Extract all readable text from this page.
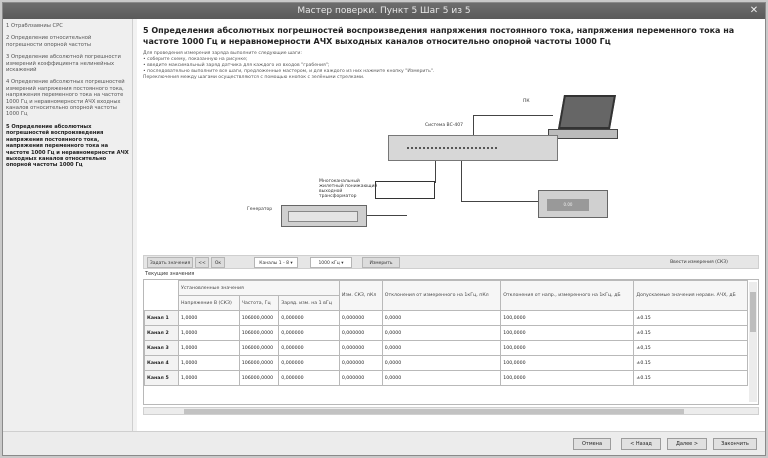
Мастер поверки. Пункт 5 Шаг 5 из 5	✕
1 Отраблзавниы СРС
2 Определение относительной погрешности опорной частоты
3 Определение абсолютной погрешности измерений коэффициента нелинейных искажений
4 Определение абсолютных погрешностей измерений напряжения постоянного тока, напряжения переменного тока на частоте 1000 Гц и неравномерности АЧХ входных каналов относительно опорной частоты 1000 Гц
5 Определение абсолютных погрешностей воспроизведения напряжения постоянного тока, напряжения переменного тока на частоте 1000 Гц и неравномерности АЧХ выходных каналов относительно опорной частоты 1000 Гц
5 Определения абсолютных погрешностей воспроизведения напряжения постоянного тока, напряжения переменного тока на частоте 1000 Гц и неравномерности АЧХ выходных каналов относительно опорной частоты 1000 Гц
Для проведения измерения заряда выполните следующие шаги:
• соберите схему, показанную на рисунке;
• введите максимальный заряд датчика для каждого из входов "грабения";
• последовательно выполните все шаги, предложенные мастером, и для каждого из них нажмите кнопку "Измерить".
Переключения между шагами осуществляются с помощью кнопок с зелёными стрелками.
ПК
Система ВС-407
Многоканальный жилетный понижающий выходной трансформатор
Генератор
0.00
Задать значения	<<	Ок	Каналы 1 - 8 ▾	1000 кГц ▾	Измерить	Ввести измерения (СКЗ)
Текущие значения
	Установленные значения			Изм. СКЗ, пКл	Отклонения от измеренного на 1кГц, пКл	Отклонения от напр., измеренного на 1кГц, дБ	Допускаемые значения неравн. АЧХ, дБ
	Напряжение В (СКЗ)	Частота, Гц	Заряд. изм. на 1 вГц				
Канал 1	1,0000	106000,0000	0,000000	0,000000	0,0000	100,0000	±0.15
Канал 2	1,0000	106000,0000	0,000000	0,000000	0,0000	100,0000	±0.15
Канал 3	1,0000	106000,0000	0,000000	0,000000	0,0000	100,0000	±0,15
Канал 4	1,0000	106000,0000	0,000000	0,000000	0,0000	100,0000	±0.15
Канал 5	1,0000	106000,0000	0,000000	0,000000	0,0000	100,0000	±0.15
Отмена	< Назад	Далее >	Закончить
